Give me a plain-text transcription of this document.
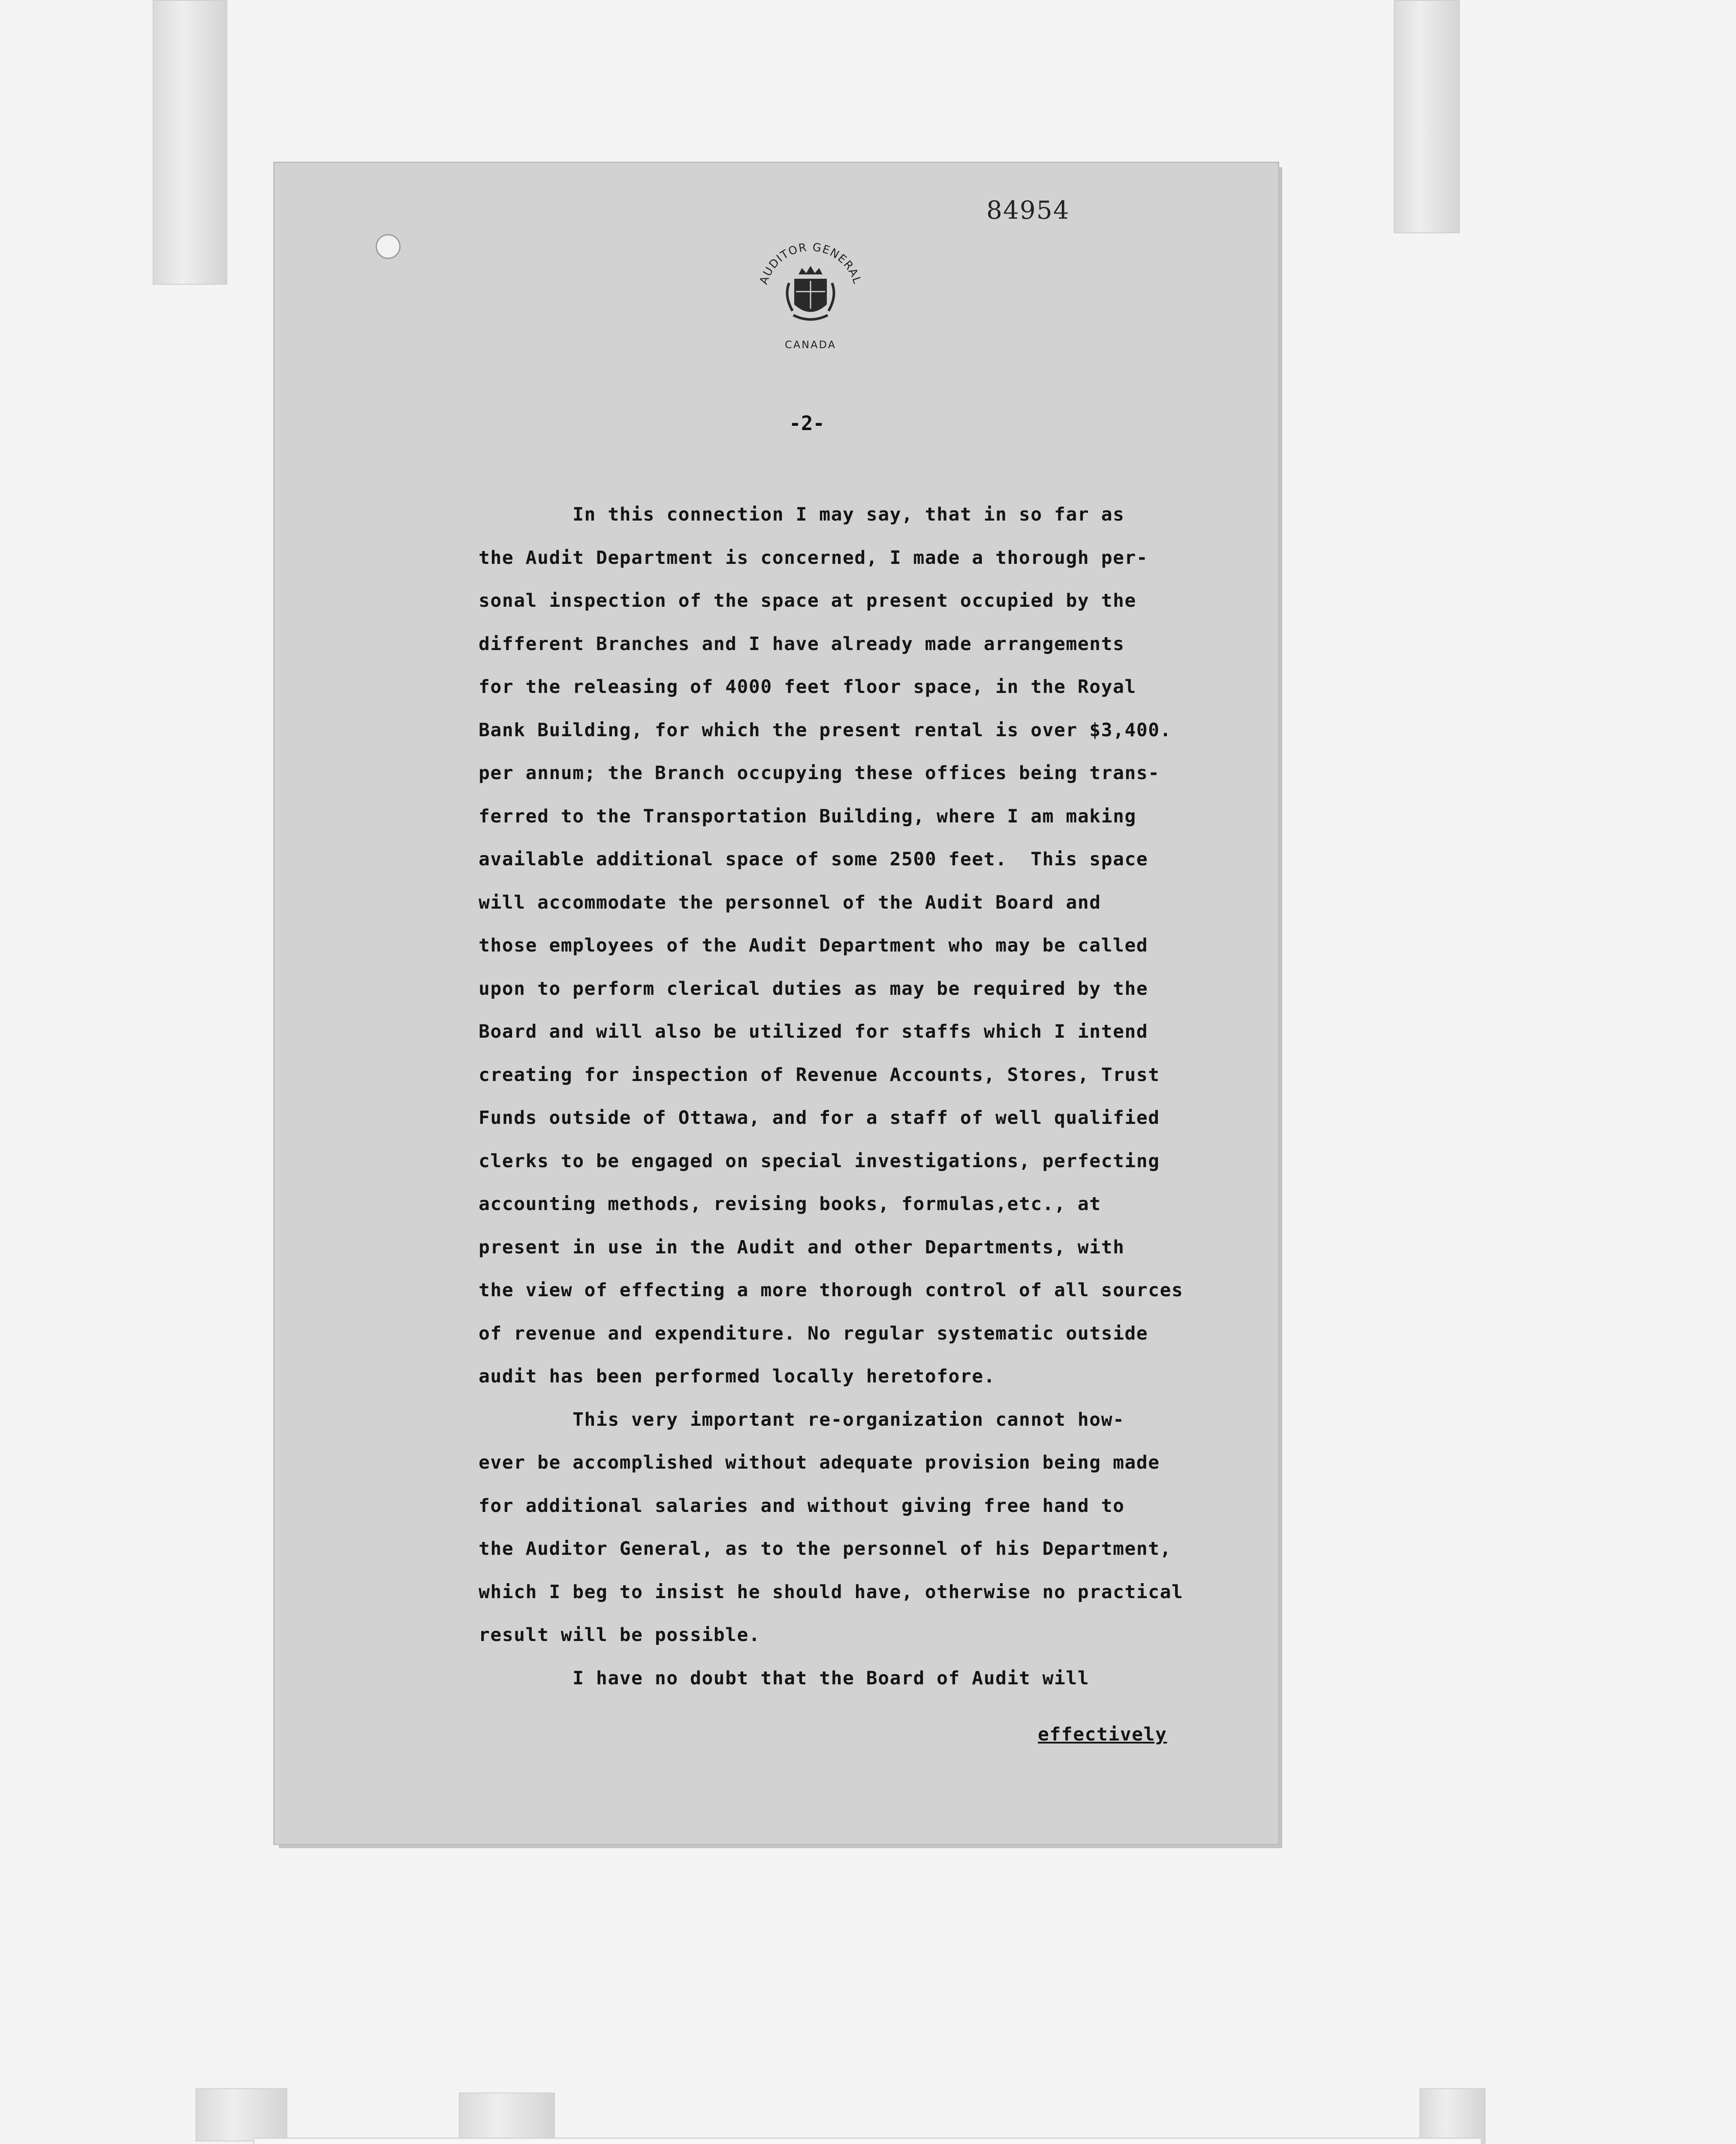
84954
AUDITOR GENERAL
CANADA
-2-
In this connection I may say, that in so far as
the Audit Department is concerned, I made a thorough per-
sonal inspection of the space at present occupied by the
different Branches and I have already made arrangements
for the releasing of 4000 feet floor space, in the Royal
Bank Building, for which the present rental is over $3,400.
per annum; the Branch occupying these offices being trans-
ferred to the Transportation Building, where I am making
available additional space of some 2500 feet.  This space
will accommodate the personnel of the Audit Board and
those employees of the Audit Department who may be called
upon to perform clerical duties as may be required by the
Board and will also be utilized for staffs which I intend
creating for inspection of Revenue Accounts, Stores, Trust
Funds outside of Ottawa, and for a staff of well qualified
clerks to be engaged on special investigations, perfecting
accounting methods, revising books, formulas,etc., at
present in use in the Audit and other Departments, with
the view of effecting a more thorough control of all sources
of revenue and expenditure. No regular systematic outside
audit has been performed locally heretofore.
This very important re-organization cannot how-
ever be accomplished without adequate provision being made
for additional salaries and without giving free hand to
the Auditor General, as to the personnel of his Department,
which I beg to insist he should have, otherwise no practical
result will be possible.
I have no doubt that the Board of Audit will
effectively
